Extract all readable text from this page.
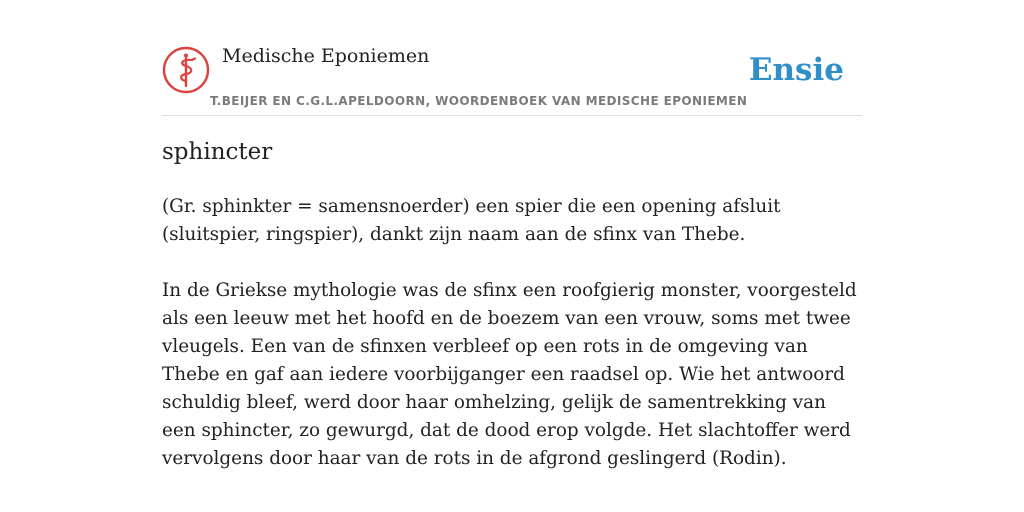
Medische Eponiemen	Ensie
T.BEIJER EN C.G.L.APELDOORN, WOORDENBOEK VAN MEDISCHE EPONIEMEN
sphincter

(Gr. sphinkter = samensnoerder) een spier die een opening afsluit (sluitspier, ringspier), dankt zijn naam aan de sfinx van Thebe.

In de Griekse mythologie was de sfinx een roofgierig monster, voorgesteld als een leeuw met het hoofd en de boezem van een vrouw, soms met twee vleugels. Een van de sfinxen verbleef op een rots in de omgeving van Thebe en gaf aan iedere voorbijganger een raadsel op. Wie het antwoord schuldig bleef, werd door haar omhelzing, gelijk de samentrekking van een sphincter, zo gewurgd, dat de dood erop volgde. Het slachtoffer werd vervolgens door haar van de rots in de afgrond geslingerd (Rodin).
